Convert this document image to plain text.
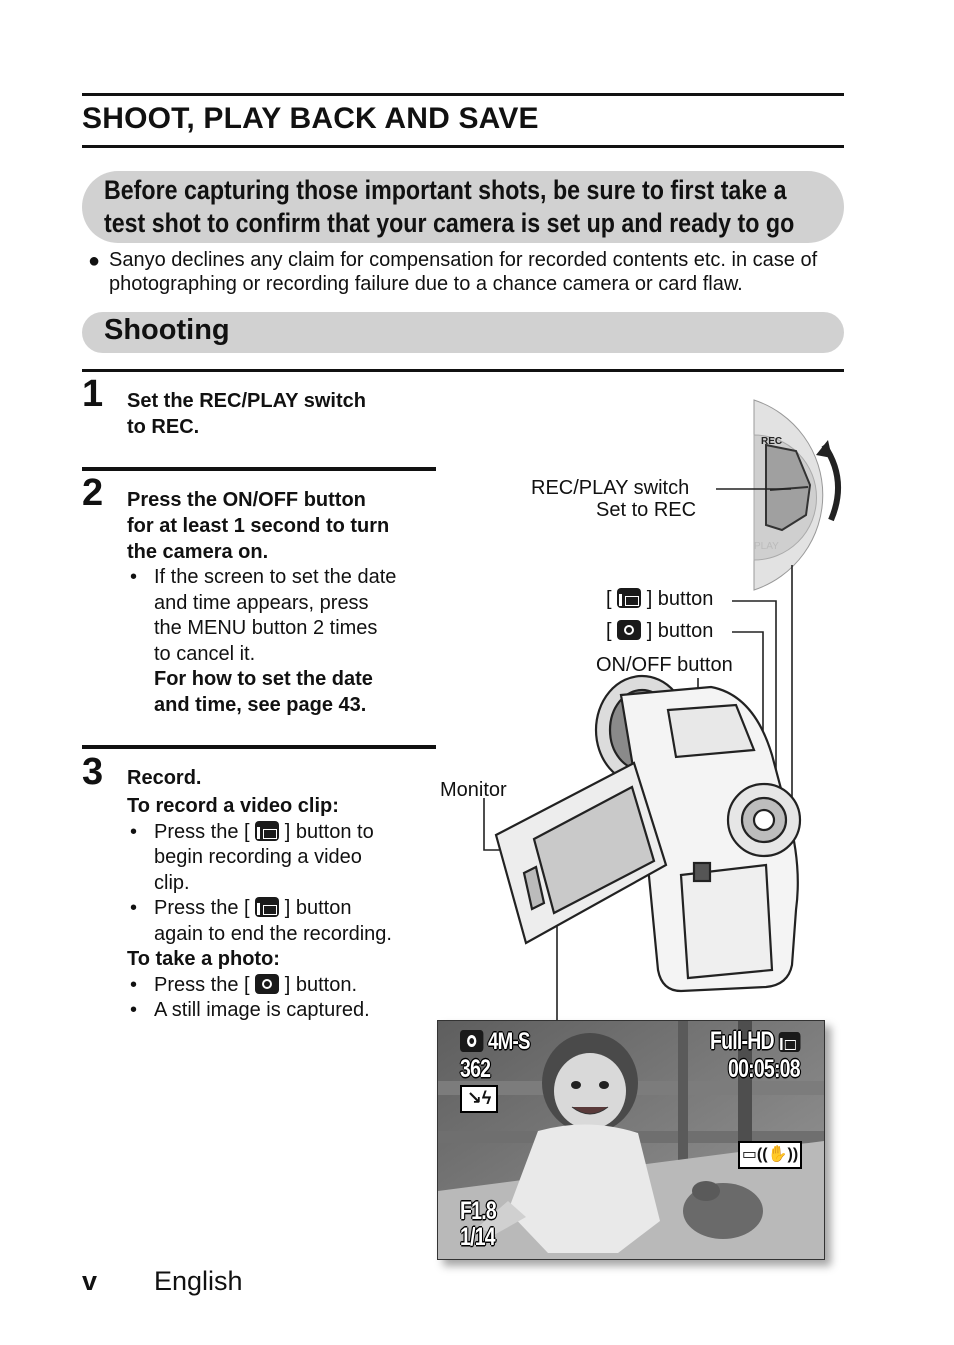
SHOOT, PLAY BACK AND SAVE
Before capturing those important shots, be sure to first take a
test shot to confirm that your camera is set up and ready to go
● Sanyo declines any claim for compensation for recorded contents etc. in case of photographing or recording failure due to a chance camera or card flaw.
Shooting
1 Set the REC/PLAY switch
to REC.
2 Press the ON/OFF button
for at least 1 second to turn
the camera on.
• If the screen to set the date
and time appears, press
the MENU button 2 times
to cancel it.
For how to set the date
and time, see page 43.
3 Record.
To record a video clip:
• Press the [ ] button to
begin recording a video
clip.
• Press the [ ] button
again to end the recording.
To take a photo:
• Press the [ ] button.
• A still image is captured.
REC
PLAY
REC/PLAY switch
Set to REC
[ ] button
[ ] button
ON/OFF button
Monitor
4M-S
362
↘ϟ
Full-HD
00:05:08
▭((✋))
F1.8
1/14
v English
